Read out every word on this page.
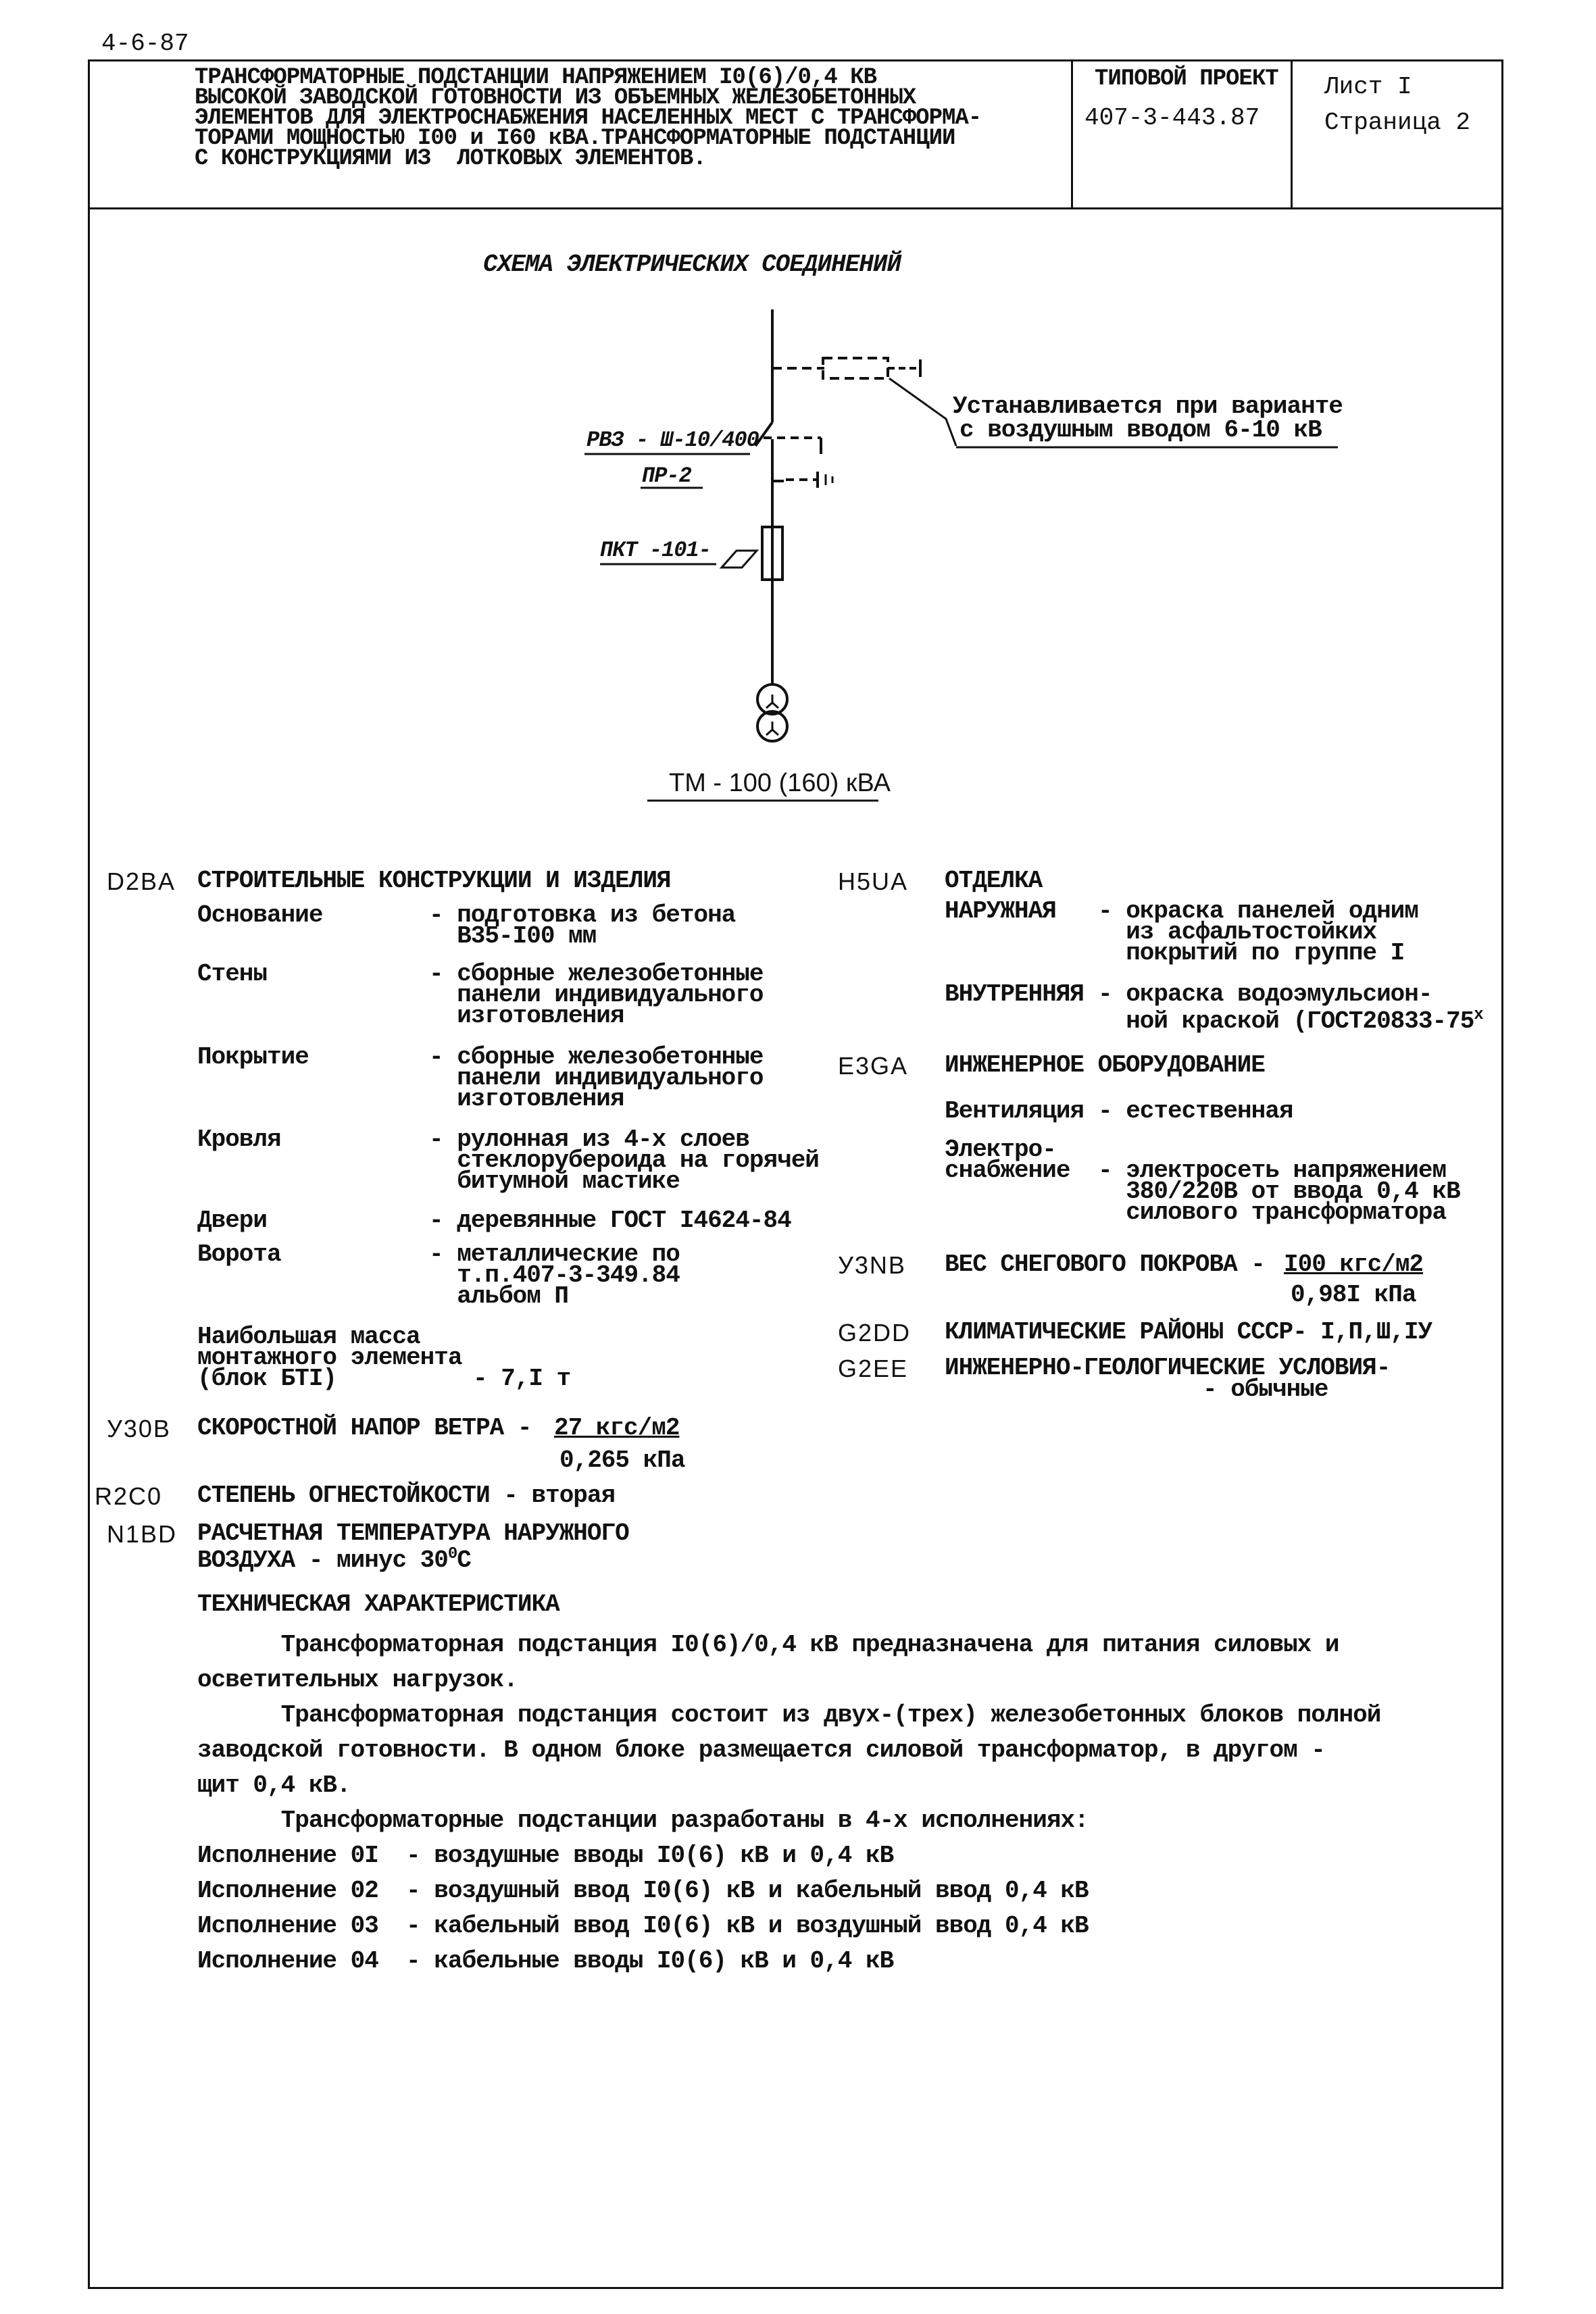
4-6-87
ТРАНСФОРМАТОРНЫЕ ПОДСТАНЦИИ НАПРЯЖЕНИЕМ I0(6)/0,4 КВ
ВЫСОКОЙ ЗАВОДСКОЙ ГОТОВНОСТИ ИЗ ОБЪЕМНЫХ ЖЕЛЕЗОБЕТОННЫХ
ЭЛЕМЕНТОВ ДЛЯ ЭЛЕКТРОСНАБЖЕНИЯ НАСЕЛЕННЫХ МЕСТ С ТРАНСФОРМА-
ТОРАМИ МОЩНОСТЬЮ I00 и I60 кВА.ТРАНСФОРМАТОРНЫЕ ПОДСТАНЦИИ
С КОНСТРУКЦИЯМИ ИЗ  ЛОТКОВЫХ ЭЛЕМЕНТОВ.
ТИПОВОЙ ПРОЕКТ
407-3-443.87
Лист I
Страница 2
СХЕМА ЭЛЕКТРИЧЕСКИХ СОЕДИНЕНИЙ
Устанавливается при варианте
с воздушным вводом 6-10 кВ
РВЗ - Ш-10/400
ПР-2
ПКТ -101-
ТМ - 100 (160) кВА
D2BA СТРОИТЕЛЬНЫЕ КОНСТРУКЦИИ И ИЗДЕЛИЯ
Основание	- подготовка из бетона
В35-I00 мм
Стены	- сборные железобетонные
панели индивидуального
изготовления
Покрытие	- сборные железобетонные
панели индивидуального
изготовления
Кровля	- рулонная из 4-х слоев
стеклорубероида на горячей
битумной мастике
Двери	- деревянные ГОСТ I4624-84
Ворота	- металлические по
т.п.407-3-349.84
альбом П
Наибольшая масса
монтажного элемента
(блок БТI)	- 7,I т
У30В СКОРОСТНОЙ НАПОР ВЕТРА - 27 кгс/м2
0,265 кПа
R2C0 СТЕПЕНЬ ОГНЕСТОЙКОСТИ - вторая
N1BD РАСЧЕТНАЯ ТЕМПЕРАТУРА НАРУЖНОГО
ВОЗДУХА - минус $30^0С$
H5UA ОТДЕЛКА
НАРУЖНАЯ - окраска панелей одним
из асфальтостойких
покрытий по группе I
ВНУТРЕННЯЯ - окраска водоэмульсион-
ной краской ($ГОСТ20833-75^х$
E3GA ИНЖЕНЕРНОЕ ОБОРУДОВАНИЕ
Вентиляция - естественная
Электро-
снабжение - электросеть напряжением
380/220В от ввода 0,4 кВ
силового трансформатора
У3NВ ВЕС СНЕГОВОГО ПОКРОВА - I00 кгс/м2
0,98I кПа
G2DD КЛИМАТИЧЕСКИЕ РАЙОНЫ СССР- I,П,Ш,IУ
G2EE ИНЖЕНЕРНО-ГЕОЛОГИЧЕСКИЕ УСЛОВИЯ-
- обычные
ТЕХНИЧЕСКАЯ ХАРАКТЕРИСТИКА
Трансформаторная подстанция I0(6)/0,4 кВ предназначена для питания силовых и
осветительных нагрузок.
Трансформаторная подстанция состоит из двух-(трех) железобетонных блоков полной
заводской готовности. В одном блоке размещается силовой трансформатор, в другом -
щит 0,4 кВ.
Трансформаторные подстанции разработаны в 4-х исполнениях:
Исполнение 0I  - воздушные вводы I0(6) кВ и 0,4 кВ
Исполнение 02  - воздушный ввод I0(6) кВ и кабельный ввод 0,4 кВ
Исполнение 03  - кабельный ввод I0(6) кВ и воздушный ввод 0,4 кВ
Исполнение 04  - кабельные вводы I0(6) кВ и 0,4 кВ
